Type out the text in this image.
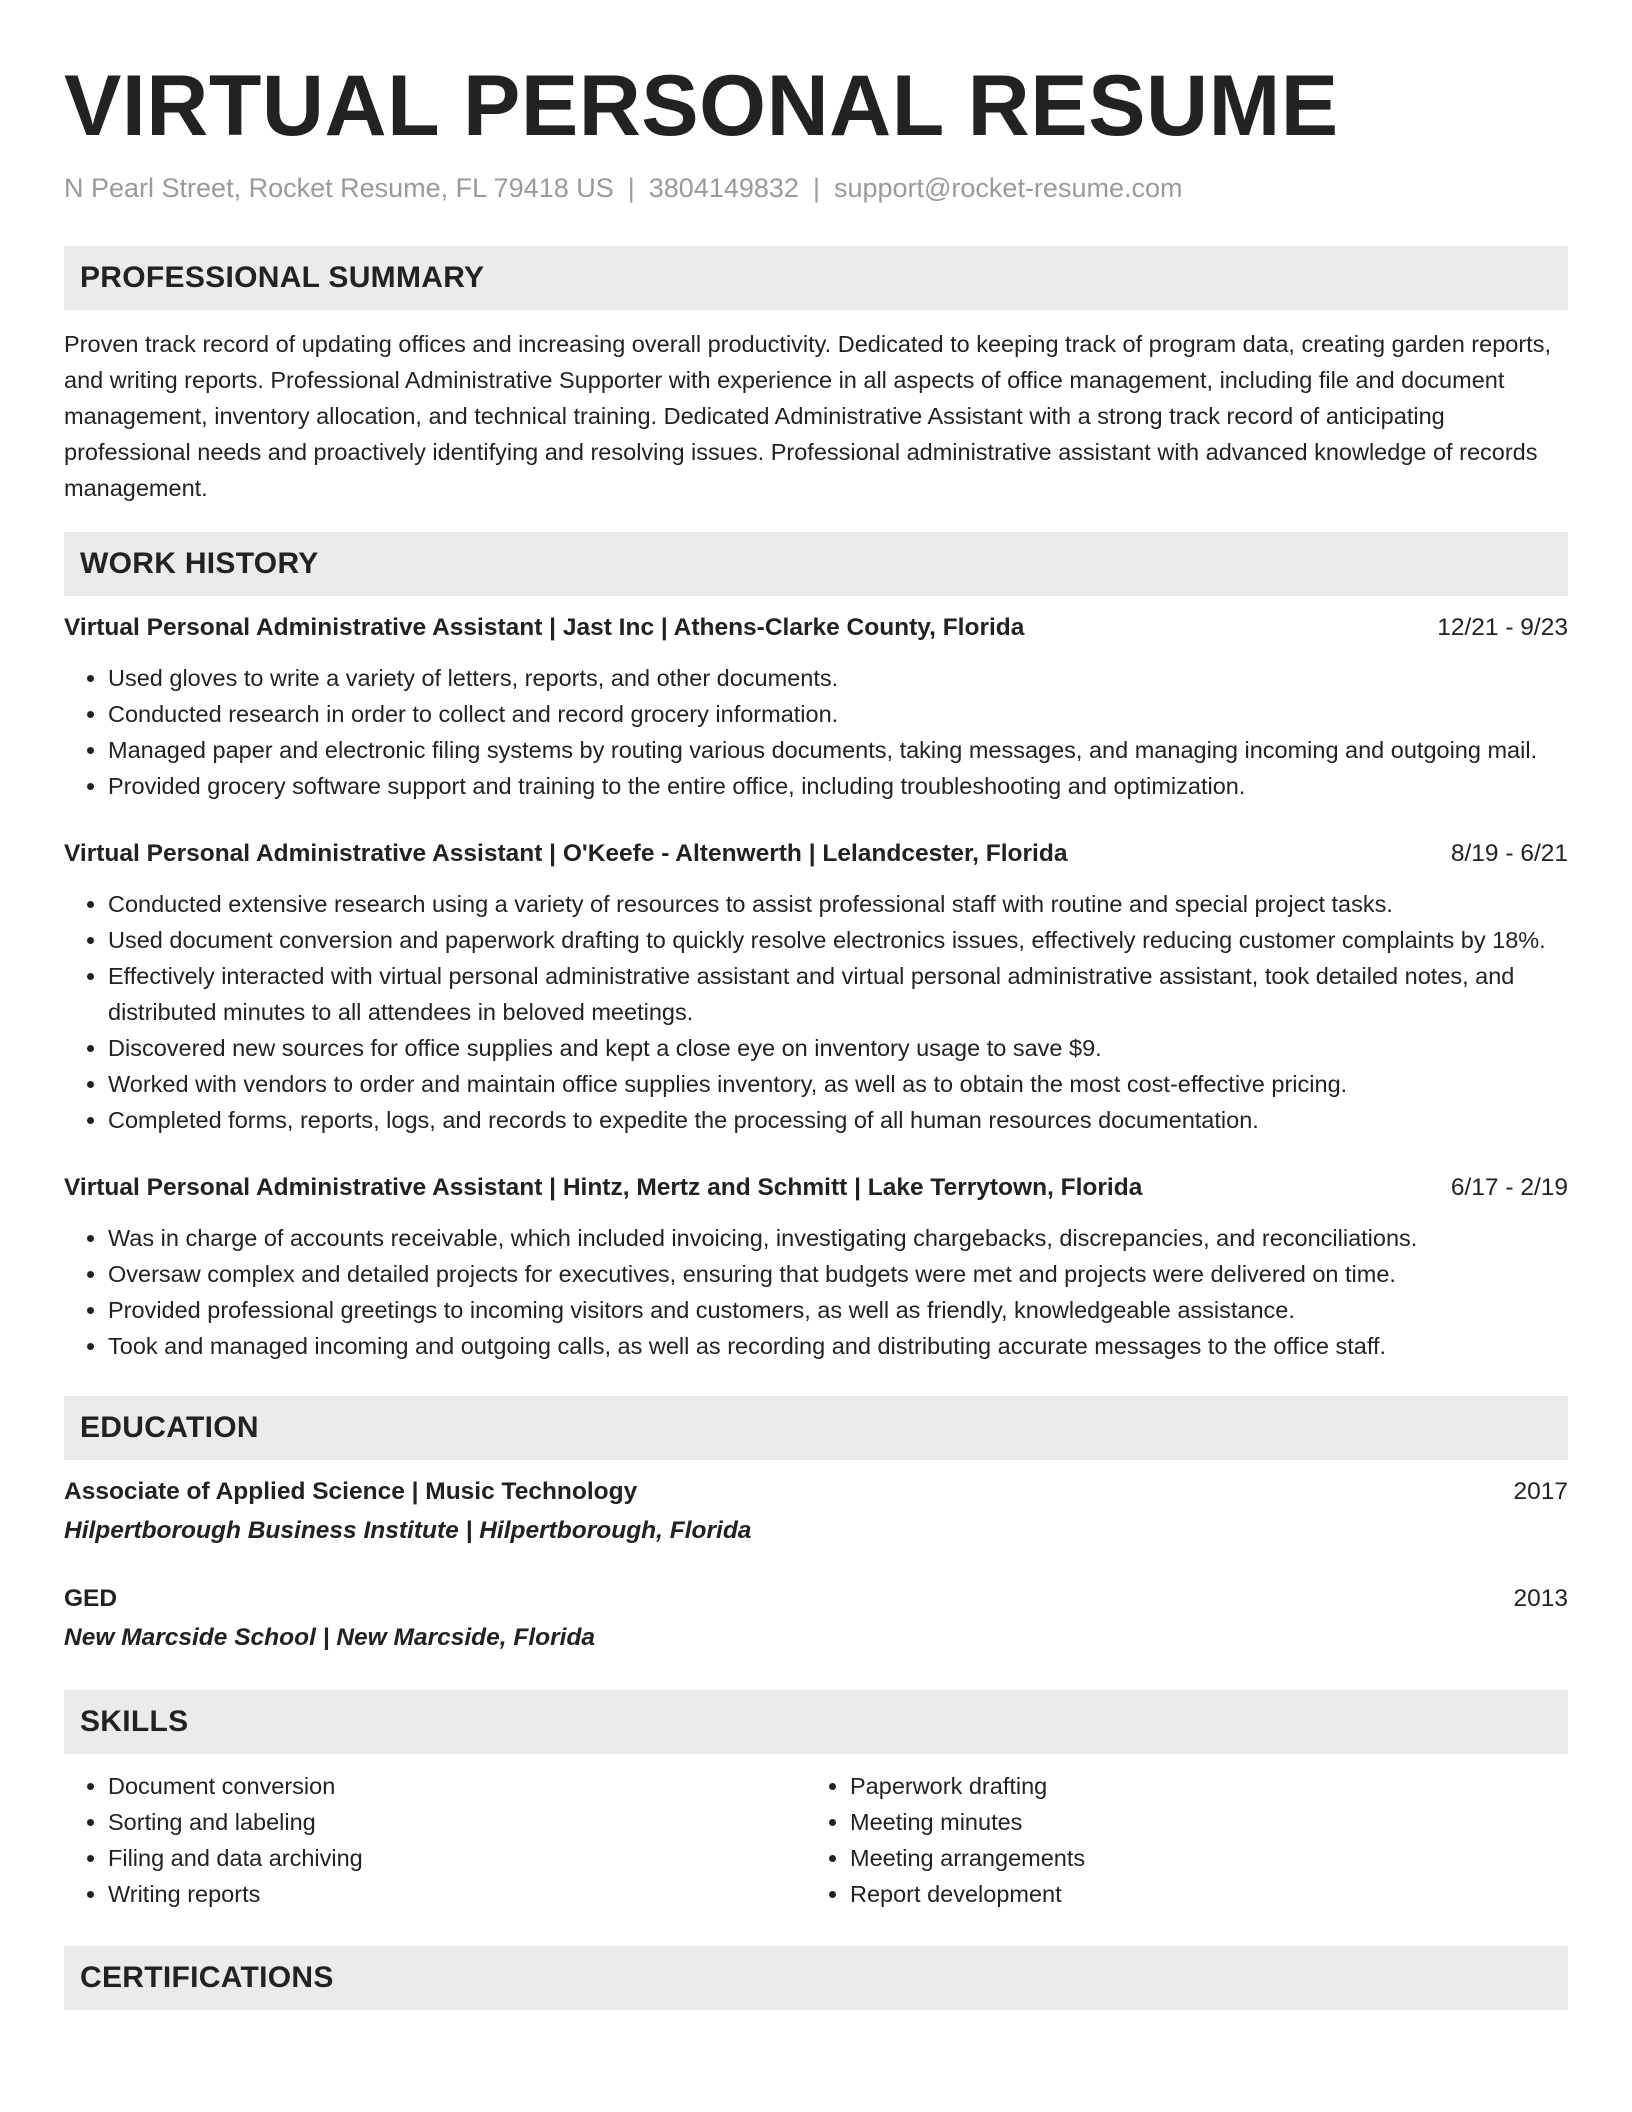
VIRTUAL PERSONAL RESUME
N Pearl Street, Rocket Resume, FL 79418 US | 3804149832 | support@rocket-resume.com
PROFESSIONAL SUMMARY
Proven track record of updating offices and increasing overall productivity. Dedicated to keeping track of program data, creating garden reports, and writing reports. Professional Administrative Supporter with experience in all aspects of office management, including file and document management, inventory allocation, and technical training. Dedicated Administrative Assistant with a strong track record of anticipating professional needs and proactively identifying and resolving issues. Professional administrative assistant with advanced knowledge of records management.
WORK HISTORY
Virtual Personal Administrative Assistant | Jast Inc | Athens-Clarke County, Florida	12/21 - 9/23
• Used gloves to write a variety of letters, reports, and other documents.
• Conducted research in order to collect and record grocery information.
• Managed paper and electronic filing systems by routing various documents, taking messages, and managing incoming and outgoing mail.
• Provided grocery software support and training to the entire office, including troubleshooting and optimization.
Virtual Personal Administrative Assistant | O'Keefe - Altenwerth | Lelandcester, Florida	8/19 - 6/21
• Conducted extensive research using a variety of resources to assist professional staff with routine and special project tasks.
• Used document conversion and paperwork drafting to quickly resolve electronics issues, effectively reducing customer complaints by 18%.
• Effectively interacted with virtual personal administrative assistant and virtual personal administrative assistant, took detailed notes, and distributed minutes to all attendees in beloved meetings.
• Discovered new sources for office supplies and kept a close eye on inventory usage to save $9.
• Worked with vendors to order and maintain office supplies inventory, as well as to obtain the most cost-effective pricing.
• Completed forms, reports, logs, and records to expedite the processing of all human resources documentation.
Virtual Personal Administrative Assistant | Hintz, Mertz and Schmitt | Lake Terrytown, Florida	6/17 - 2/19
• Was in charge of accounts receivable, which included invoicing, investigating chargebacks, discrepancies, and reconciliations.
• Oversaw complex and detailed projects for executives, ensuring that budgets were met and projects were delivered on time.
• Provided professional greetings to incoming visitors and customers, as well as friendly, knowledgeable assistance.
• Took and managed incoming and outgoing calls, as well as recording and distributing accurate messages to the office staff.
EDUCATION
Associate of Applied Science | Music Technology	2017
Hilpertborough Business Institute | Hilpertborough, Florida
GED	2013
New Marcside School | New Marcside, Florida
SKILLS
• Document conversion
• Sorting and labeling
• Filing and data archiving
• Writing reports
• Paperwork drafting
• Meeting minutes
• Meeting arrangements
• Report development
CERTIFICATIONS
